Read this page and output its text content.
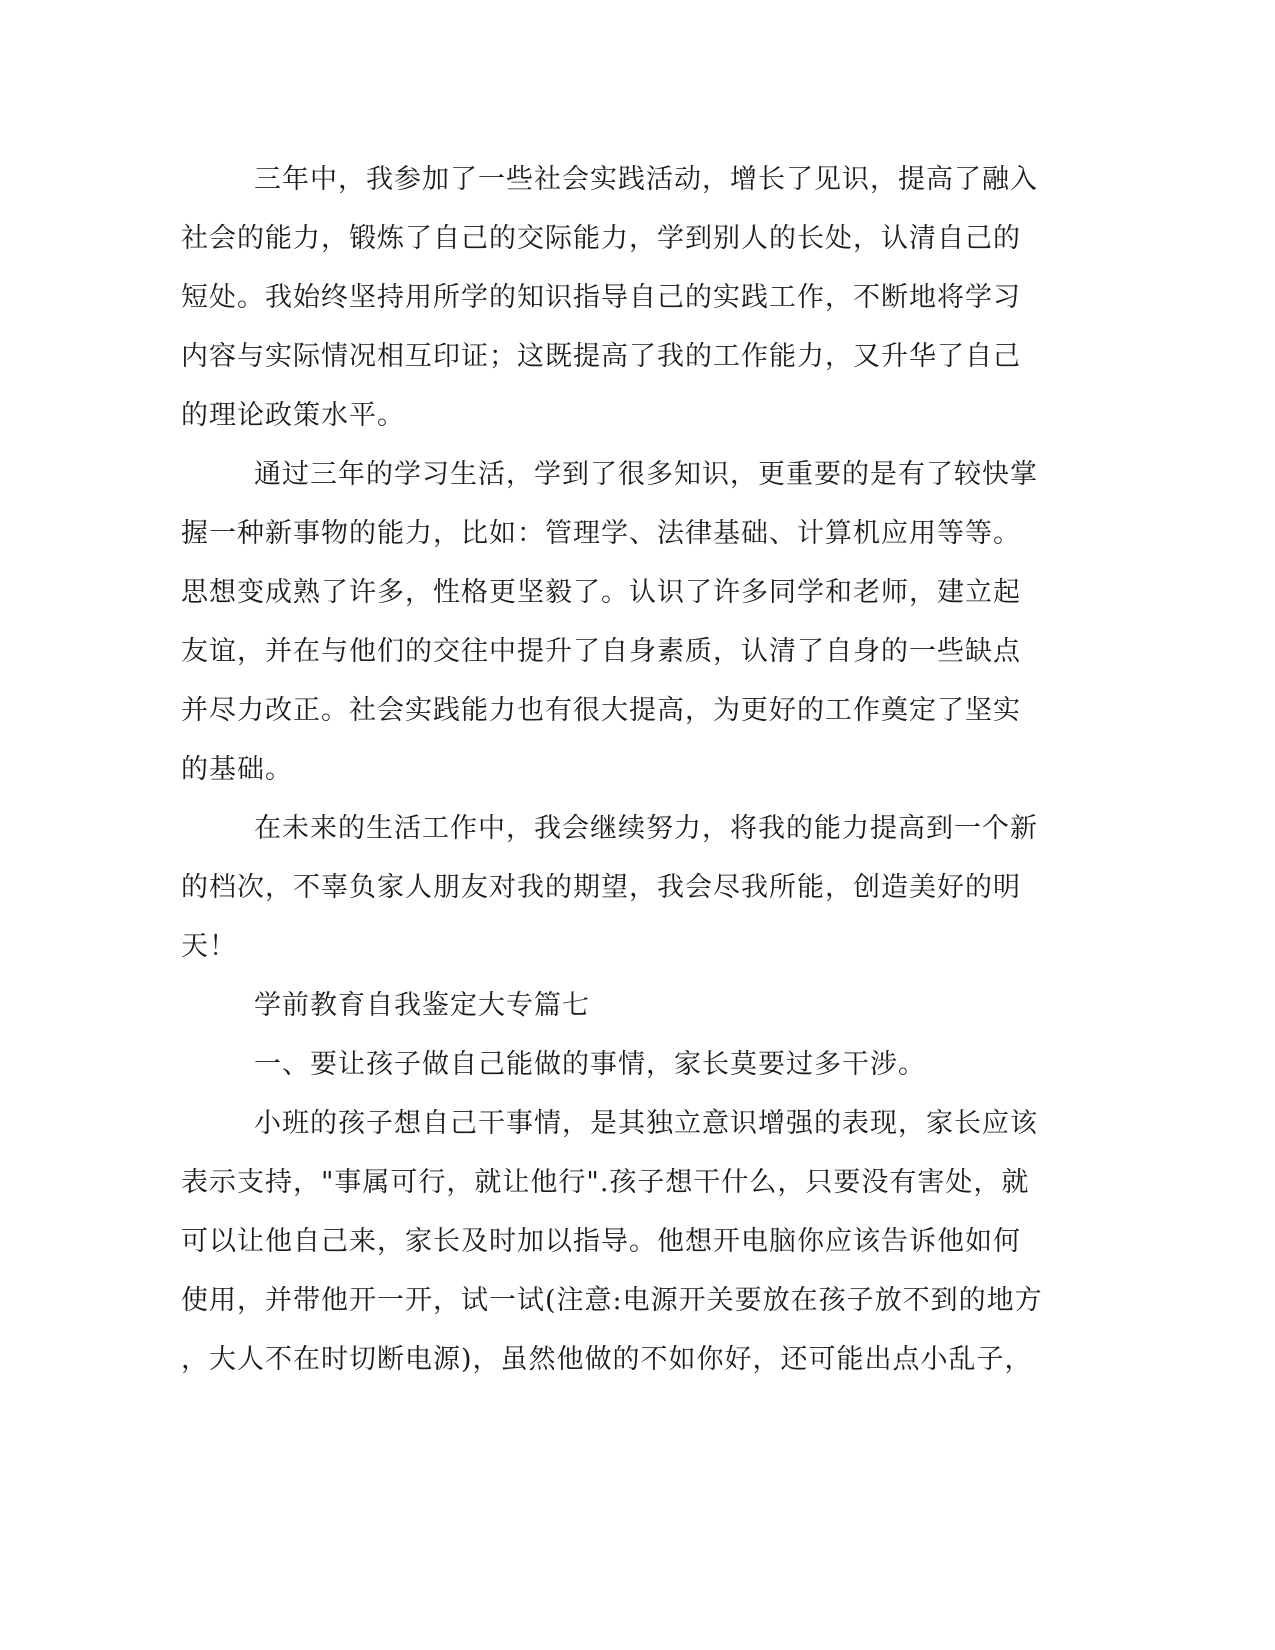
三年中，我参加了一些社会实践活动，增长了见识，提高了融入
社会的能力，锻炼了自己的交际能力，学到别人的长处，认清自己的
短处。我始终坚持用所学的知识指导自己的实践工作，不断地将学习
内容与实际情况相互印证；这既提高了我的工作能力，又升华了自己
的理论政策水平。
通过三年的学习生活，学到了很多知识，更重要的是有了较快掌
握一种新事物的能力，比如：管理学、法律基础、计算机应用等等。
思想变成熟了许多，性格更坚毅了。认识了许多同学和老师，建立起
友谊，并在与他们的交往中提升了自身素质，认清了自身的一些缺点
并尽力改正。社会实践能力也有很大提高，为更好的工作奠定了坚实
的基础。
在未来的生活工作中，我会继续努力，将我的能力提高到一个新
的档次，不辜负家人朋友对我的期望，我会尽我所能，创造美好的明
天！
学前教育自我鉴定大专篇七
一、要让孩子做自己能做的事情，家长莫要过多干涉。
小班的孩子想自己干事情，是其独立意识增强的表现，家长应该
表示支持，"事属可行，就让他行".孩子想干什么，只要没有害处，就
可以让他自己来，家长及时加以指导。他想开电脑你应该告诉他如何
使用，并带他开一开，试一试(注意:电源开关要放在孩子放不到的地方
，大人不在时切断电源)，虽然他做的不如你好，还可能出点小乱子，
